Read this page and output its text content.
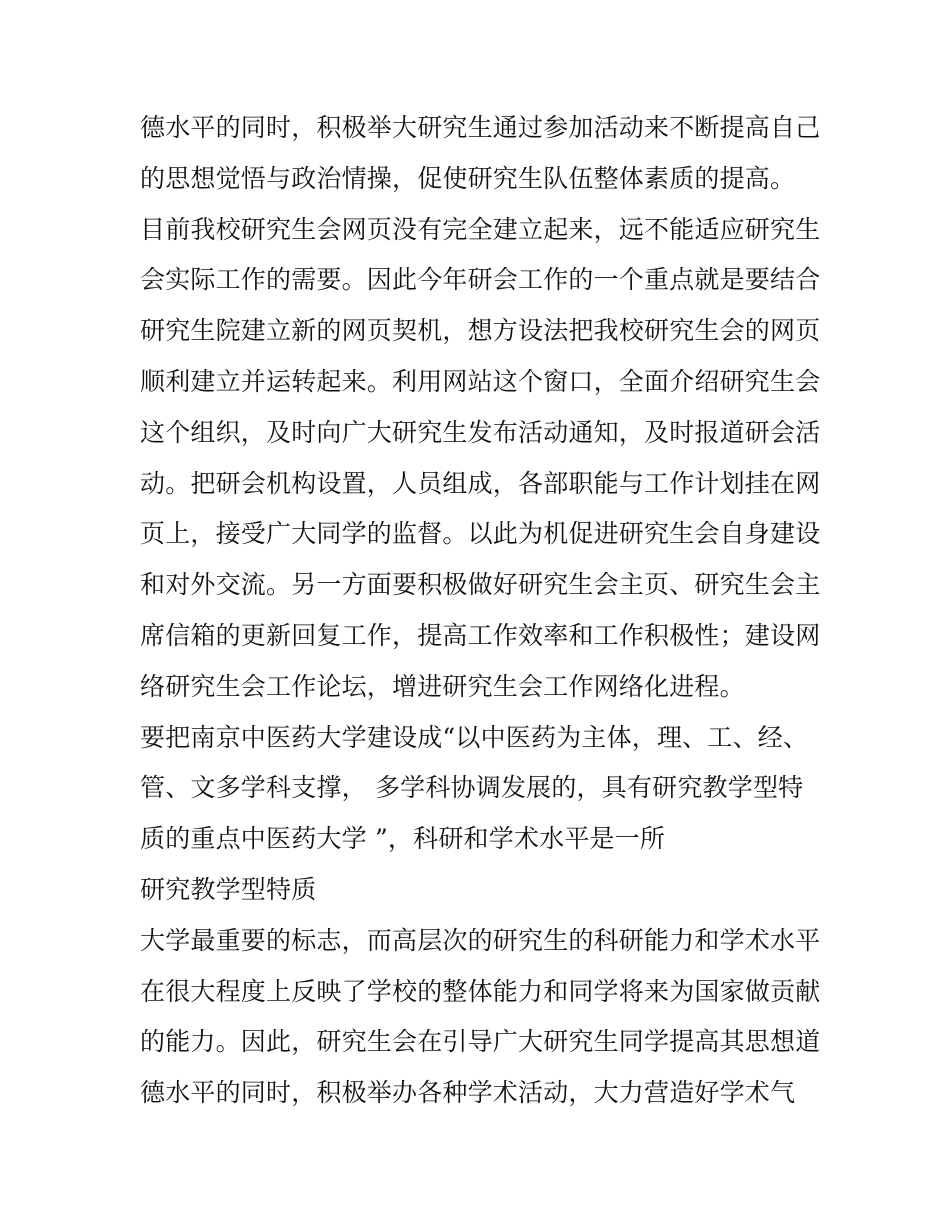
德水平的同时，积极举大研究生通过参加活动来不断提高自己
的思想觉悟与政治情操，促使研究生队伍整体素质的提高。
目前我校研究生会网页没有完全建立起来，远不能适应研究生
会实际工作的需要。因此今年研会工作的一个重点就是要结合
研究生院建立新的网页契机，想方设法把我校研究生会的网页
顺利建立并运转起来。利用网站这个窗口，全面介绍研究生会
这个组织，及时向广大研究生发布活动通知，及时报道研会活
动。把研会机构设置，人员组成，各部职能与工作计划挂在网
页上，接受广大同学的监督。以此为机促进研究生会自身建设
和对外交流。另一方面要积极做好研究生会主页、研究生会主
席信箱的更新回复工作，提高工作效率和工作积极性；建设网
络研究生会工作论坛，增进研究生会工作网络化进程。
要把南京中医药大学建设成“以中医药为主体，理、工、经、
管、文多学科支撑， 多学科协调发展的，具有研究教学型特
质的重点中医药大学 ”，科研和学术水平是一所
研究教学型特质
大学最重要的标志，而高层次的研究生的科研能力和学术水平
在很大程度上反映了学校的整体能力和同学将来为国家做贡献
的能力。因此，研究生会在引导广大研究生同学提高其思想道
德水平的同时，积极举办各种学术活动，大力营造好学术气
